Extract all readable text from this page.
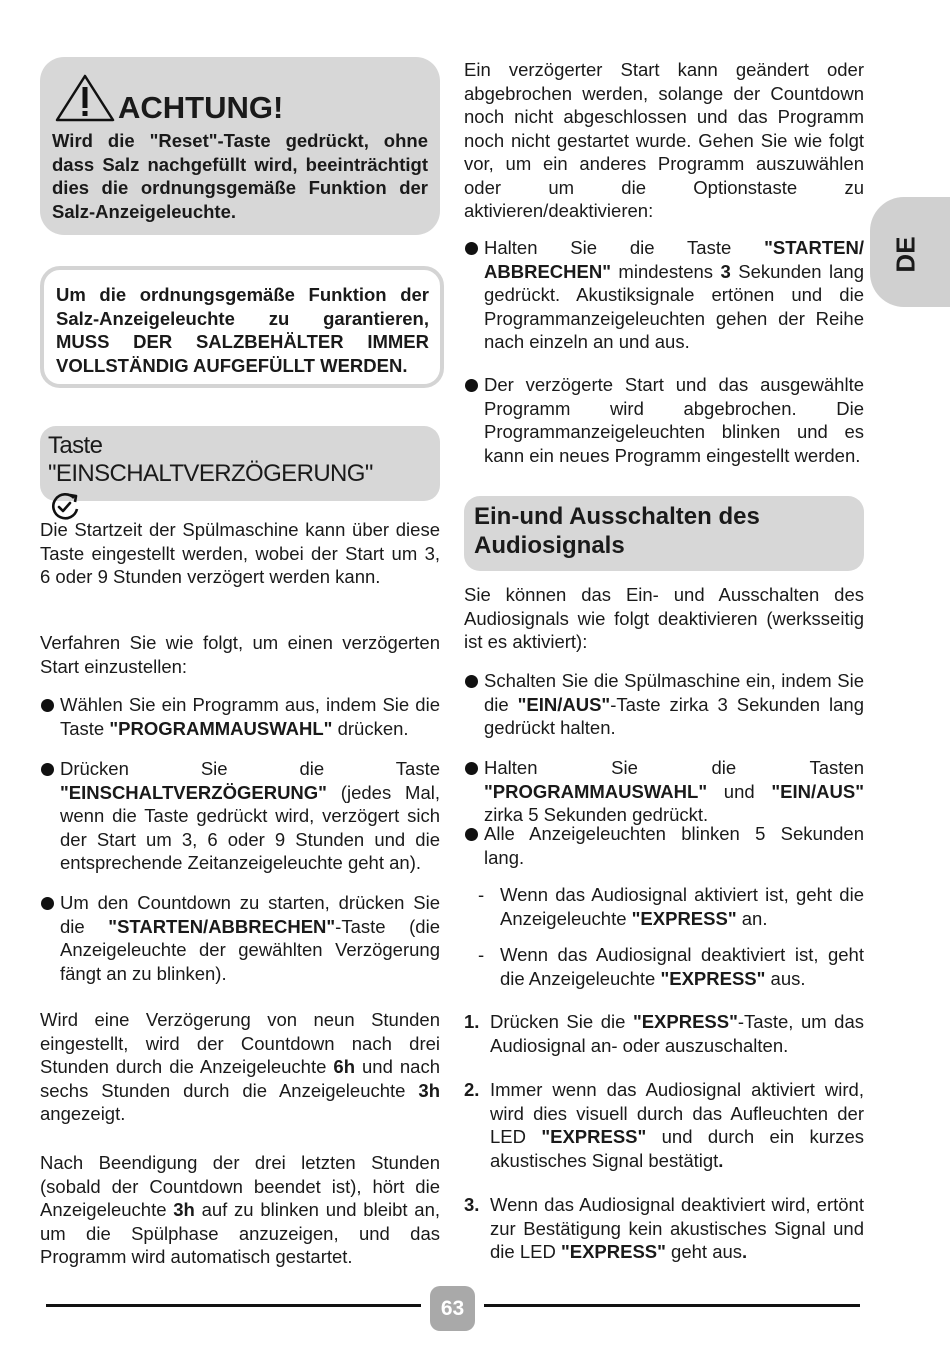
ACHTUNG!
Wird die "Reset"-Taste gedrückt, ohne dass Salz nachgefüllt wird, beeinträchtigt dies die ordnungsgemäße Funktion der Salz-Anzeigeleuchte.

Um die ordnungsgemäße Funktion der Salz-Anzeigeleuchte zu garantieren, MUSS DER SALZBEHÄLTER IMMER VOLLSTÄNDIG AUFGEFÜLLT WERDEN.

Taste "EINSCHALTVERZÖGERUNG"

Die Startzeit der Spülmaschine kann über diese Taste eingestellt werden, wobei der Start um 3, 6 oder 9 Stunden verzögert werden kann.

Verfahren Sie wie folgt, um einen verzögerten Start einzustellen:

Wählen Sie ein Programm aus, indem Sie die Taste "PROGRAMMAUSWAHL" drücken.
Drücken Sie die Taste "EINSCHALTVERZÖGERUNG" (jedes Mal, wenn die Taste gedrückt wird, verzögert sich der Start um 3, 6 oder 9 Stunden und die entsprechende Zeitanzeigeleuchte geht an).
Um den Countdown zu starten, drücken Sie die "STARTEN/ABBRECHEN"-Taste (die Anzeigeleuchte der gewählten Verzögerung fängt an zu blinken).

Wird eine Verzögerung von neun Stunden eingestellt, wird der Countdown nach drei Stunden durch die Anzeigeleuchte 6h und nach sechs Stunden durch die Anzeigeleuchte 3h angezeigt.

Nach Beendigung der drei letzten Stunden (sobald der Countdown beendet ist), hört die Anzeigeleuchte 3h auf zu blinken und bleibt an, um die Spülphase anzuzeigen, und das Programm wird automatisch gestartet.

Ein verzögerter Start kann geändert oder abgebrochen werden, solange der Countdown noch nicht abgeschlossen und das Programm noch nicht gestartet wurde. Gehen Sie wie folgt vor, um ein anderes Programm auszuwählen oder um die Optionstaste zu aktivieren/deaktivieren:

Halten Sie die Taste "STARTEN/ ABBRECHEN" mindestens 3 Sekunden lang gedrückt. Akustiksignale ertönen und die Programmanzeigeleuchten gehen der Reihe nach einzeln an und aus.
Der verzögerte Start und das ausgewählte Programm wird abgebrochen. Die Programmanzeigeleuchten blinken und es kann ein neues Programm eingestellt werden.
Ein-und Ausschalten des Audiosignals

Sie können das Ein- und Ausschalten des Audiosignals wie folgt deaktivieren (werksseitig ist es aktiviert):

Schalten Sie die Spülmaschine ein, indem Sie die "EIN/AUS"-Taste zirka 3 Sekunden lang gedrückt halten.
Halten Sie die Tasten "PROGRAMMAUSWAHL" und "EIN/AUS" zirka 5 Sekunden gedrückt.
Alle Anzeigeleuchten blinken 5 Sekunden lang.
- Wenn das Audiosignal aktiviert ist, geht die Anzeigeleuchte "EXPRESS" an.
- Wenn das Audiosignal deaktiviert ist, geht die Anzeigeleuchte "EXPRESS" aus.
1. Drücken Sie die "EXPRESS"-Taste, um das Audiosignal an- oder auszuschalten.
2. Immer wenn das Audiosignal aktiviert wird, wird dies visuell durch das Aufleuchten der LED "EXPRESS" und durch ein kurzes akustisches Signal bestätigt.
3. Wenn das Audiosignal deaktiviert wird, ertönt zur Bestätigung kein akustisches Signal und die LED "EXPRESS" geht aus.
DE
63
